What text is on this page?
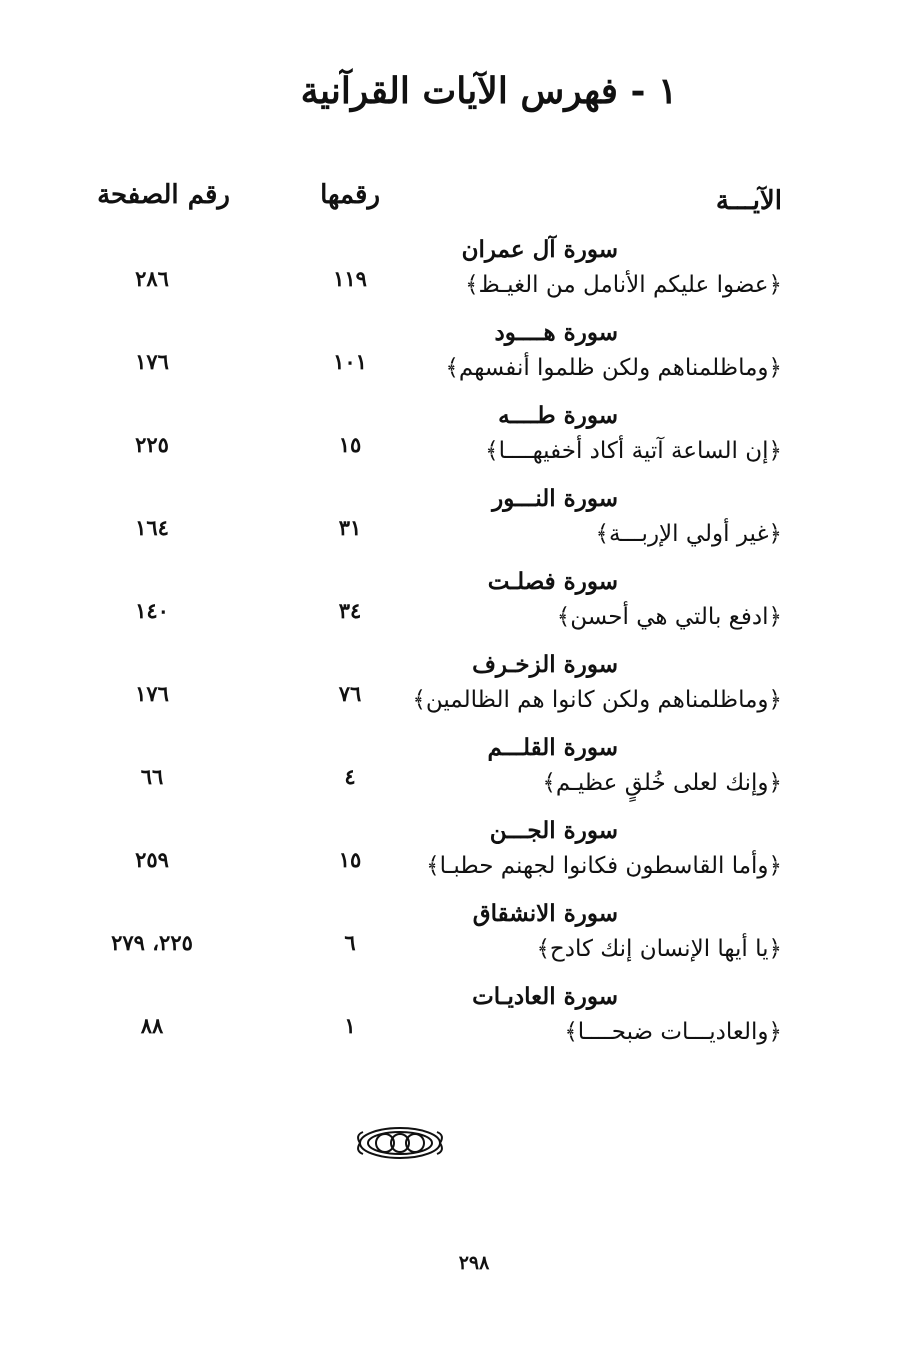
١ - فهرس الآيات القرآنية
الآيـــة
رقمها
رقم الصفحة
سورة آل عمران
﴿عضوا عليكم الأنامل من الغيـظ﴾
١١٩
٢٨٦
سورة هــــود
﴿وماظلمناهم ولكن ظلموا أنفسهم﴾
١٠١
١٧٦
سورة طــــه
﴿إن الساعة آتية أكاد أخفيهــــا﴾
١٥
٢٢٥
سورة النـــور
﴿غير أولي الإربـــة﴾
٣١
١٦٤
سورة فصلـت
﴿ادفع بالتي هي أحسن﴾
٣٤
١٤٠
سورة الزخـرف
﴿وماظلمناهم ولكن كانوا هم الظالمين﴾
٧٦
١٧٦
سورة القلـــم
﴿وإنك لعلى خُلقٍ عظيـم﴾
٤
٦٦
سورة الجـــن
﴿وأما القاسطون فكانوا لجهنم حطبـا﴾
١٥
٢٥٩
سورة الانشقاق
﴿يا أيها الإنسان إنك كادح﴾
٦
٢٢٥، ٢٧٩
سورة العاديـات
﴿والعاديـــات ضبحــــا﴾
١
٨٨
٢٩٨
